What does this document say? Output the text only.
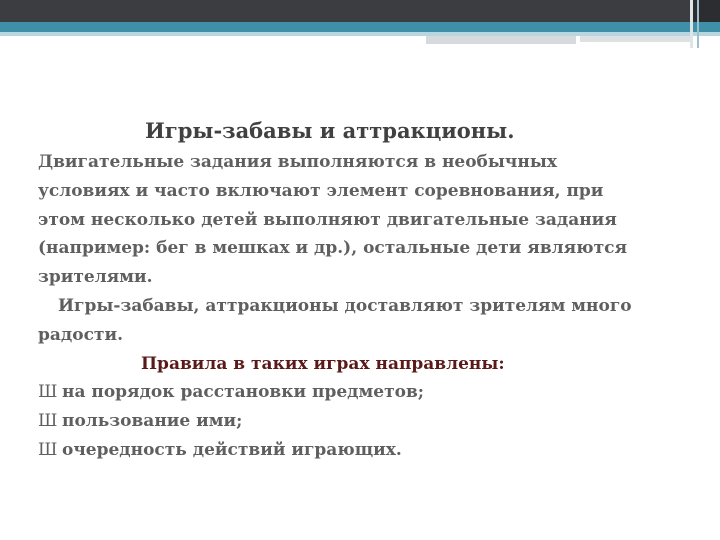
Игры-забавы и аттракционы.
Двигательные задания выполняются в необычных
условиях и часто включают элемент соревнования, при
этом несколько детей выполняют двигательные задания
(например: бег в мешках и др.), остальные дети являются
зрителями.
Игры-забавы, аттракционы доставляют зрителям много
радости.
Правила в таких играх направлены:
Ш на порядок расстановки предметов;
Ш пользование ими;
Ш очередность действий играющих.
